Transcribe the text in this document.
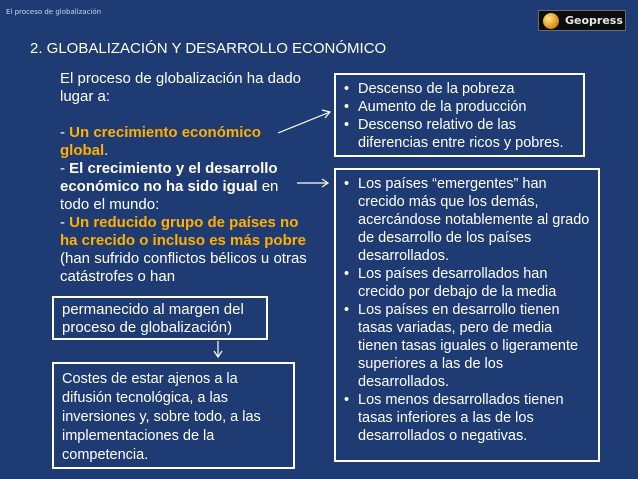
El proceso de globalización
Geopress
2. GLOBALIZACIÓN Y DESARROLLO ECONÓMICO

El proceso de globalización ha dado lugar a:

- Un crecimiento económico global.

- El crecimiento y el desarrollo económico no ha sido igual en todo el mundo:

- Un reducido grupo de países no ha crecido o incluso es más pobre (han sufrido conflictos bélicos u otras catástrofes o han

permanecido al margen del proceso de globalización)
Costes de estar ajenos a la difusión tecnológica, a las inversiones y, sobre todo, a las implementaciones de la competencia.
• Descenso de la pobreza
• Aumento de la producción
• Descenso relativo de las diferencias entre ricos y pobres.
• Los países “emergentes” han crecido más que los demás, acercándose notablemente al grado de desarrollo de los países desarrollados.
• Los países desarrollados han crecido por debajo de la media
• Los países en desarrollo tienen tasas variadas, pero de media tienen tasas iguales o ligeramente superiores a las de los desarrollados.
• Los menos desarrollados tienen tasas inferiores a las de los desarrollados o negativas.
